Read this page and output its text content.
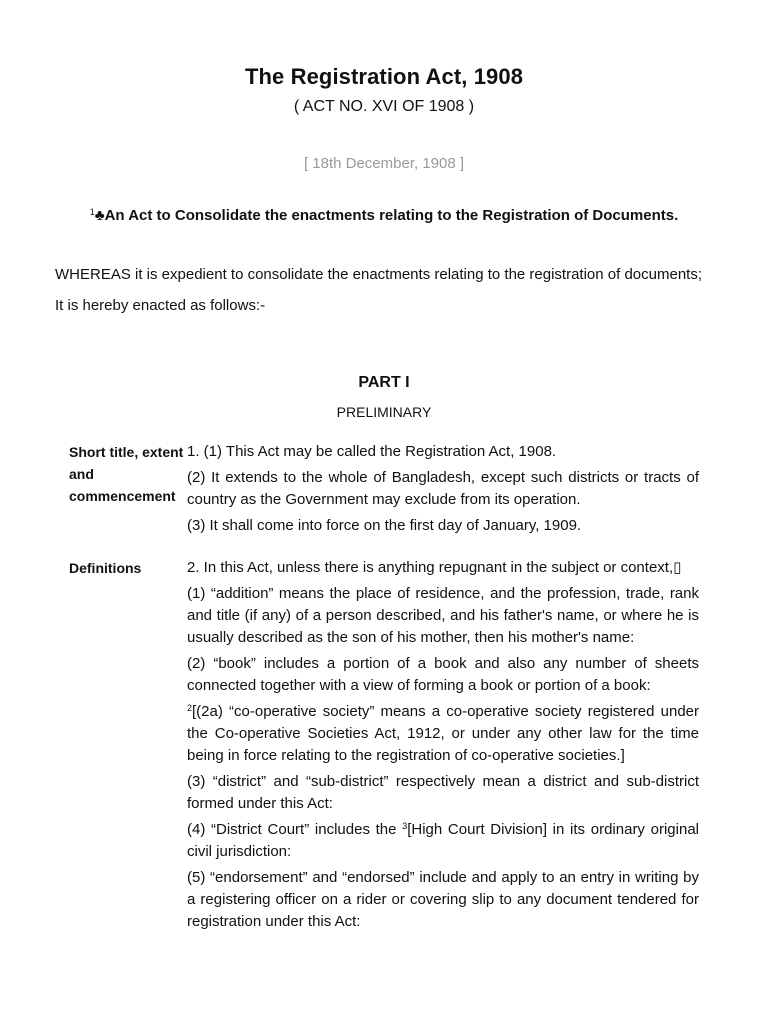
The Registration Act, 1908
( ACT NO. XVI OF 1908 )
[ 18th December, 1908 ]
$^1$♣An Act to Consolidate the enactments relating to the Registration of Documents.

WHEREAS it is expedient to consolidate the enactments relating to the registration of documents;

It is hereby enacted as follows:-

PART I
PRELIMINARY
Short title, extent and commencement

1. (1) This Act may be called the Registration Act, 1908.

(2) It extends to the whole of Bangladesh, except such districts or tracts of country as the Government may exclude from its operation.

(3) It shall come into force on the first day of January, 1909.

Definitions	2. In this Act, unless there is anything repugnant in the subject or context,▯

(1) “addition” means the place of residence, and the profession, trade, rank and title (if any) of a person described, and his father's name, or where he is usually described as the son of his mother, then his mother's name:

(2) “book” includes a portion of a book and also any number of sheets connected together with a view of forming a book or portion of a book:

$^2$[(2a) “co-operative society” means a co-operative society registered under the Co-operative Societies Act, 1912, or under any other law for the time being in force relating to the registration of co-operative societies.]

(3) “district” and “sub-district” respectively mean a district and sub-district formed under this Act:

(4) “District Court” includes the $^3$[High Court Division] in its ordinary original civil jurisdiction:

(5) “endorsement” and “endorsed” include and apply to an entry in writing by a registering officer on a rider or covering slip to any document tendered for registration under this Act:
